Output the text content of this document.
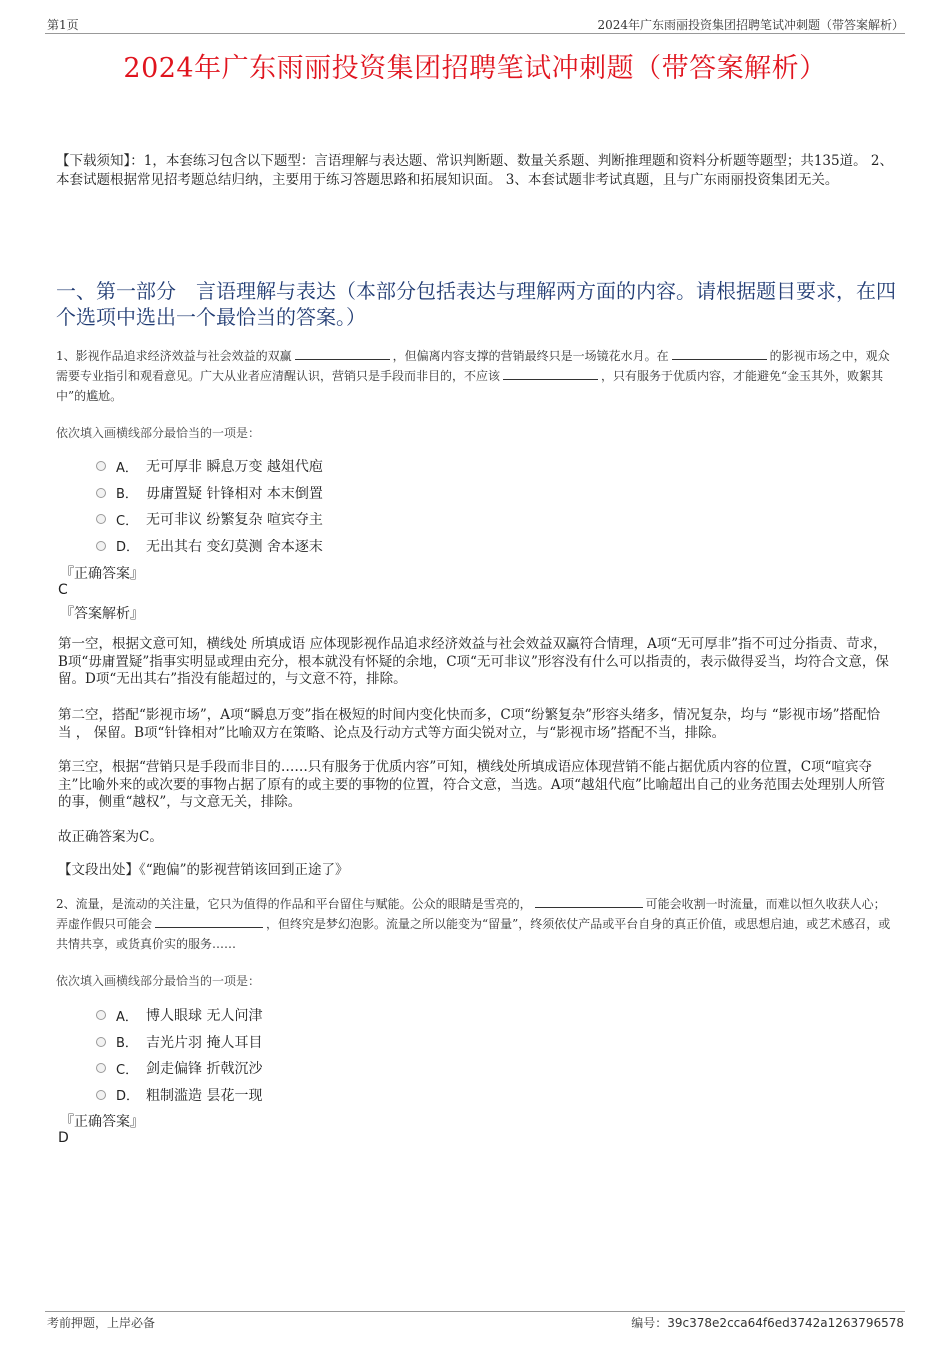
第1页	2024年广东雨丽投资集团招聘笔试冲刺题（带答案解析）
2024年广东雨丽投资集团招聘笔试冲刺题（带答案解析）
【下载须知】：1，本套练习包含以下题型：言语理解与表达题、常识判断题、数量关系题、判断推理题和资料分析题等题型；共135道。 2、本套试题根据常见招考题总结归纳，主要用于练习答题思路和拓展知识面。 3、本套试题非考试真题，且与广东雨丽投资集团无关。
一、第一部分　言语理解与表达（本部分包括表达与理解两方面的内容。请根据题目要求，在四个选项中选出一个最恰当的答案。）
1、影视作品追求经济效益与社会效益的双赢	，但偏离内容支撑的营销最终只是一场镜花水月。在	的影视市场之中，观众需要专业指引和观看意见。广大从业者应清醒认识，营销只是手段而非目的，不应该	，只有服务于优质内容，才能避免“金玉其外，败絮其中”的尴尬。
依次填入画横线部分最恰当的一项是：
A． 无可厚非 瞬息万变 越俎代庖
B． 毋庸置疑 针锋相对 本末倒置
C． 无可非议 纷繁复杂 喧宾夺主
D． 无出其右 变幻莫测 舍本逐末
『正确答案』
C
『答案解析』
第一空，根据文意可知，横线处 所填成语 应体现影视作品追求经济效益与社会效益双赢符合情理，A项“无可厚非”指不可过分指责、苛求，B项“毋庸置疑”指事实明显或理由充分，根本就没有怀疑的余地，C项“无可非议”形容没有什么可以指责的，表示做得妥当，均符合文意，保留。D项“无出其右”指没有能超过的，与文意不符，排除。
第二空，搭配“影视市场”，A项“瞬息万变”指在极短的时间内变化快而多，C项“纷繁复杂”形容头绪多，情况复杂，均与 “影视市场”搭配恰当 ， 保留。B项“针锋相对”比喻双方在策略、论点及行动方式等方面尖锐对立，与“影视市场”搭配不当，排除。
第三空，根据“营销只是手段而非目的……只有服务于优质内容”可知，横线处所填成语应体现营销不能占据优质内容的位置，C项“喧宾夺主”比喻外来的或次要的事物占据了原有的或主要的事物的位置，符合文意，当选。A项“越俎代庖”比喻超出自己的业务范围去处理别人所管的事，侧重“越权”，与文意无关，排除。
故正确答案为C。
【文段出处】《“跑偏”的影视营销该回到正途了》
2、流量，是流动的关注量，它只为值得的作品和平台留住与赋能。公众的眼睛是雪亮的，	可能会收割一时流量，而难以恒久收获人心；弄虚作假只可能会	，但终究是梦幻泡影。流量之所以能变为“留量”，终须依仗产品或平台自身的真正价值，或思想启迪，或艺术感召，或共情共享，或货真价实的服务……
依次填入画横线部分最恰当的一项是：
A． 博人眼球 无人问津
B． 吉光片羽 掩人耳目
C． 剑走偏锋 折戟沉沙
D． 粗制滥造 昙花一现
『正确答案』
D
考前押题，上岸必备	编号：39c378e2cca64f6ed3742a1263796578
